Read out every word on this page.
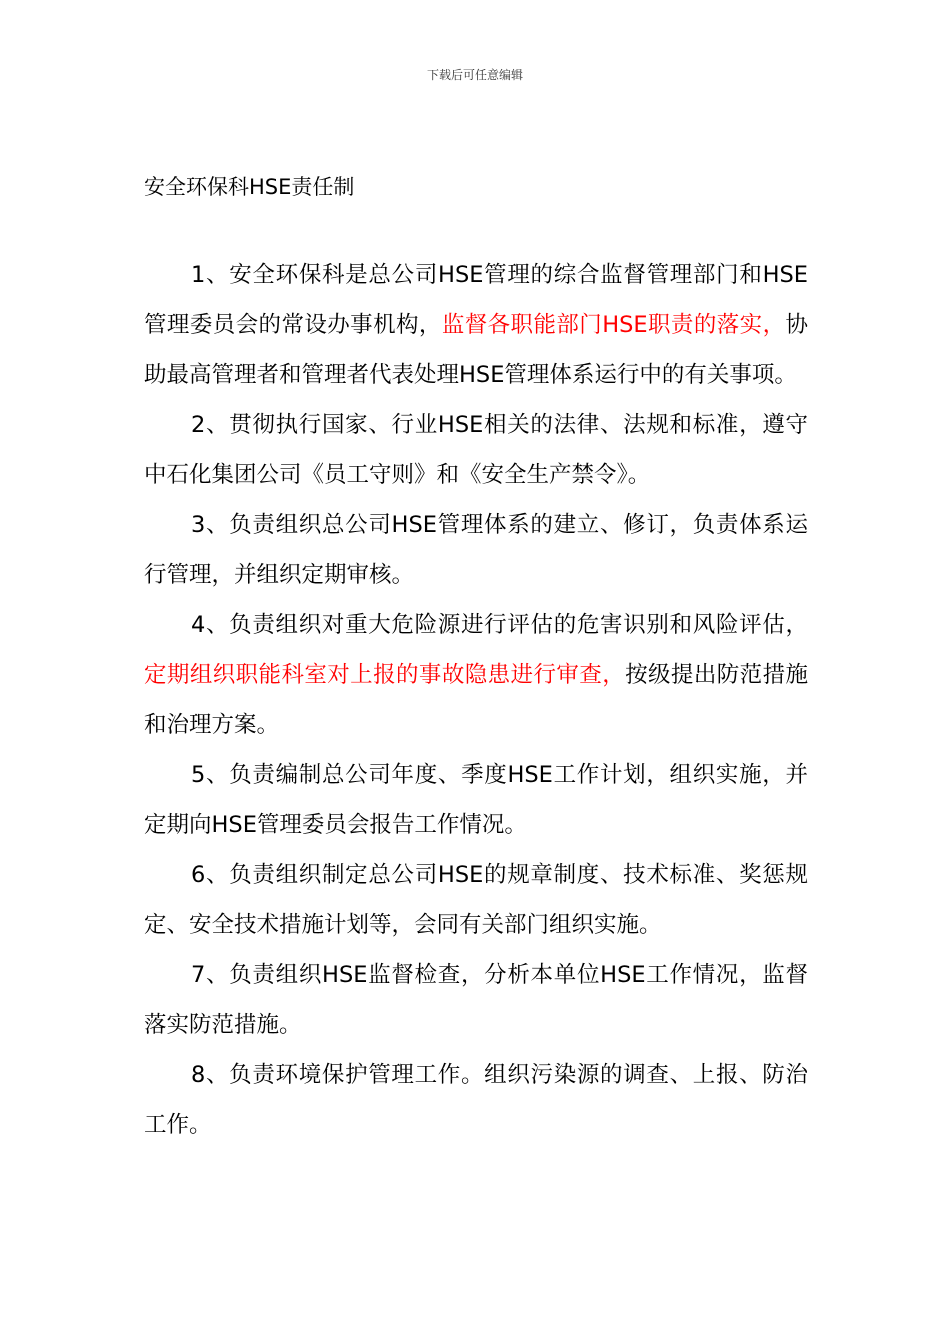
下载后可任意编辑
安全环保科HSE责任制

1、安全环保科是总公司HSE管理的综合监督管理部门和HSE管理委员会的常设办事机构，监督各职能部门HSE职责的落实，协助最高管理者和管理者代表处理HSE管理体系运行中的有关事项。

2、贯彻执行国家、行业HSE相关的法律、法规和标准，遵守中石化集团公司《员工守则》和《安全生产禁令》。

3、负责组织总公司HSE管理体系的建立、修订，负责体系运行管理，并组织定期审核。

4、负责组织对重大危险源进行评估的危害识别和风险评估，定期组织职能科室对上报的事故隐患进行审查，按级提出防范措施和治理方案。

5、负责编制总公司年度、季度HSE工作计划，组织实施，并定期向HSE管理委员会报告工作情况。

6、负责组织制定总公司HSE的规章制度、技术标准、奖惩规定、安全技术措施计划等，会同有关部门组织实施。

7、负责组织HSE监督检查，分析本单位HSE工作情况，监督落实防范措施。

8、负责环境保护管理工作。组织污染源的调查、上报、防治工作。
